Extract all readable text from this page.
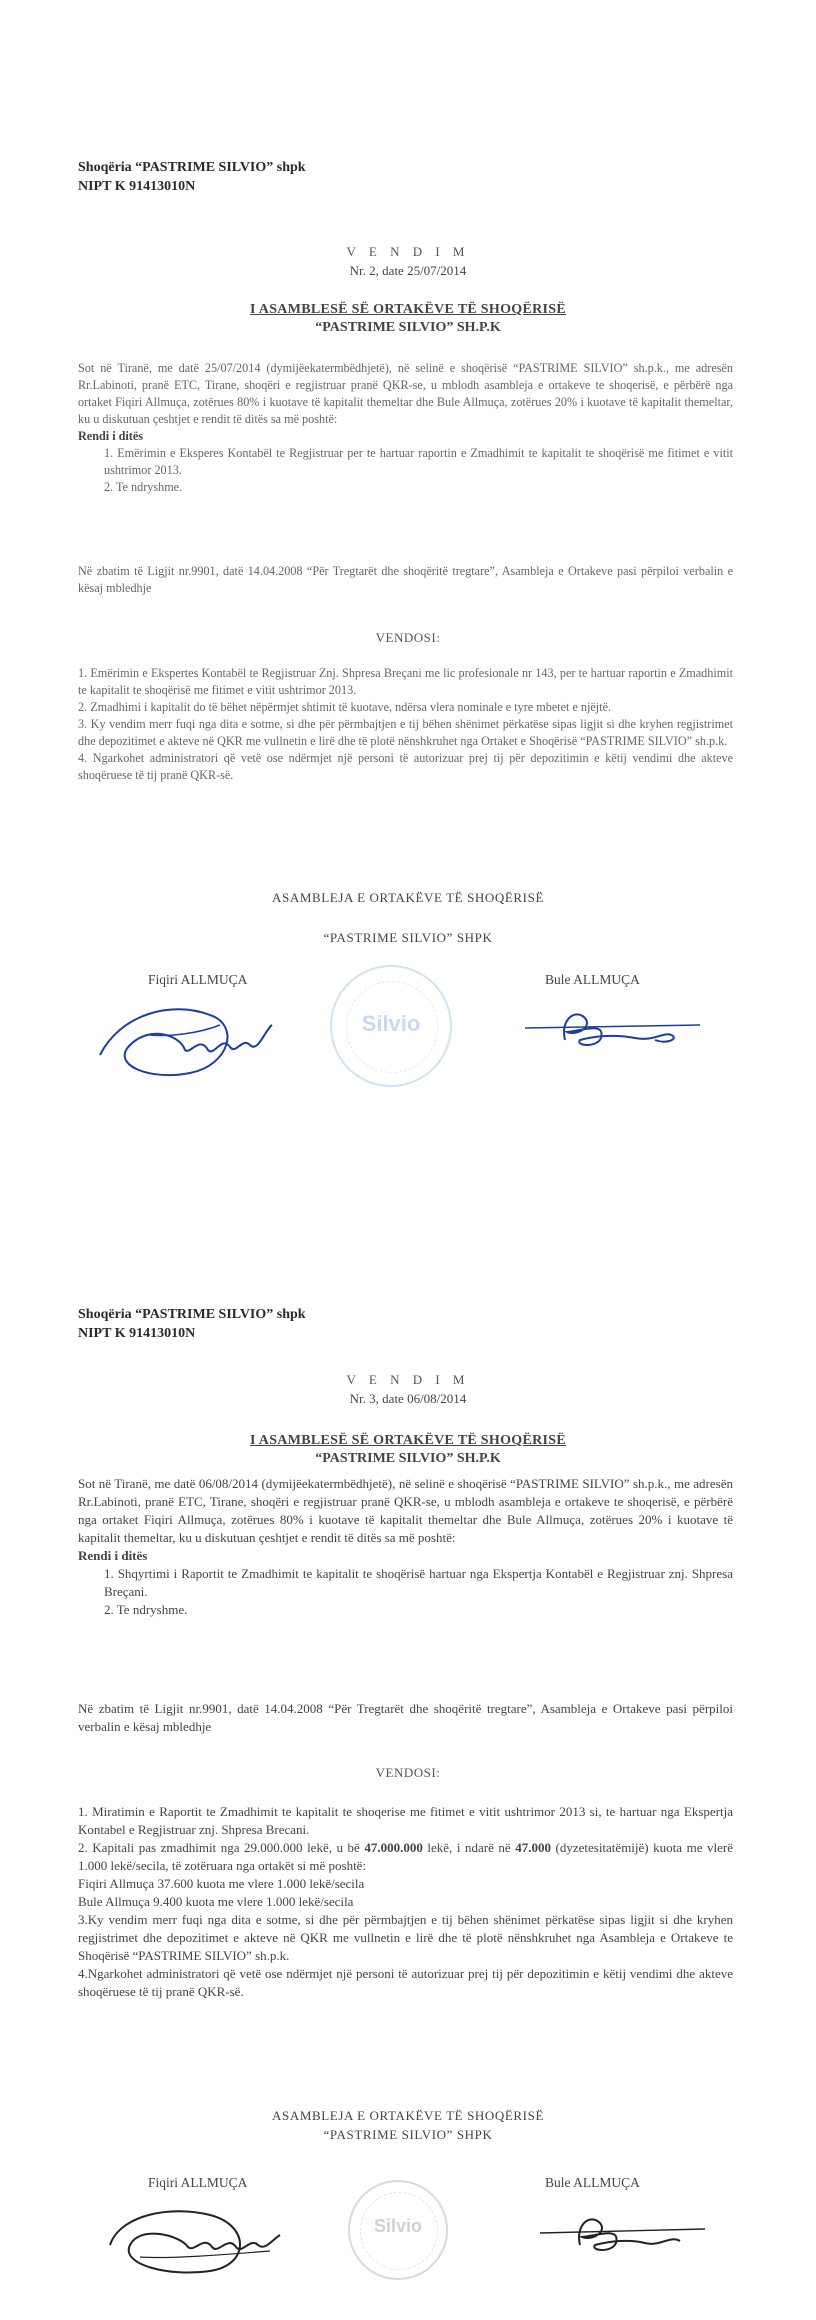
Shoqëria “PASTRIME SILVIO” shpk
NIPT K 91413010N
V E N D I M
Nr. 2, date 25/07/2014
I ASAMBLESË SË ORTAKËVE TË SHOQËRISË
“PASTRIME SILVIO” SH.P.K
Sot në Tiranë, me datë 25/07/2014 (dymijëekatermbëdhjetë), në selinë e shoqërisë “PASTRIME SILVIO” sh.p.k., me adresën Rr.Labinoti, pranë ETC, Tirane, shoqëri e regjistruar pranë QKR-se, u mblodh asambleja e ortakeve te shoqerisë, e përbërë nga ortaket Fiqiri Allmuça, zotërues 80% i kuotave të kapitalit themeltar dhe Bule Allmuça, zotërues 20% i kuotave të kapitalit themeltar, ku u diskutuan çeshtjet e rendit të ditës sa më poshtë:
Rendi i ditës
1. Emërimin e Eksperes Kontabël te Regjistruar per te hartuar raportin e Zmadhimit te kapitalit te shoqërisë me fitimet e vitit ushtrimor 2013.
2. Te ndryshme.
Në zbatim të Ligjit nr.9901, datë 14.04.2008 “Për Tregtarët dhe shoqëritë tregtare”, Asambleja e Ortakeve pasi përpiloi verbalin e kësaj mbledhje
VENDOSI:
1. Emërimin e Ekspertes Kontabël te Regjistruar Znj. Shpresa Breçani me lic profesionale nr 143, per te hartuar raportin e Zmadhimit te kapitalit te shoqërisë me fitimet e vitit ushtrimor 2013.
2. Zmadhimi i kapitalit do të bëhet nëpërmjet shtimit të kuotave, ndërsa vlera nominale e tyre mbetet e njëjtë.
3. Ky vendim merr fuqi nga dita e sotme, si dhe për përmbajtjen e tij bëhen shënimet përkatëse sipas ligjit si dhe kryhen regjistrimet dhe depozitimet e akteve në QKR me vullnetin e lirë dhe të plotë nënshkruhet nga Ortaket e Shoqërisë “PASTRIME SILVIO” sh.p.k.
4. Ngarkohet administratori që vetë ose ndërmjet një personi të autorizuar prej tij për depozitimin e këtij vendimi dhe akteve shoqëruese të tij pranë QKR-së.
ASAMBLEJA E ORTAKËVE TË SHOQËRISË
“PASTRIME SILVIO” SHPK
Fiqiri ALLMUÇA	Bule ALLMUÇA
Silvio
Shoqëria “PASTRIME SILVIO” shpk
NIPT K 91413010N
V E N D I M
Nr. 3, date 06/08/2014
I ASAMBLESË SË ORTAKËVE TË SHOQËRISË
“PASTRIME SILVIO” SH.P.K
Sot në Tiranë, me datë 06/08/2014 (dymijëekatermbëdhjetë), në selinë e shoqërisë “PASTRIME SILVIO” sh.p.k., me adresën Rr.Labinoti, pranë ETC, Tirane, shoqëri e regjistruar pranë QKR-se, u mblodh asambleja e ortakeve te shoqerisë, e përbërë nga ortaket Fiqiri Allmuça, zotërues 80% i kuotave të kapitalit themeltar dhe Bule Allmuça, zotërues 20% i kuotave të kapitalit themeltar, ku u diskutuan çeshtjet e rendit të ditës sa më poshtë:
Rendi i ditës
1. Shqyrtimi i Raportit te Zmadhimit te kapitalit te shoqërisë hartuar nga Ekspertja Kontabël e Regjistruar znj. Shpresa Breçani.
2. Te ndryshme.
Në zbatim të Ligjit nr.9901, datë 14.04.2008 “Për Tregtarët dhe shoqëritë tregtare”, Asambleja e Ortakeve pasi përpiloi verbalin e kësaj mbledhje
VENDOSI:
1. Miratimin e Raportit te Zmadhimit te kapitalit te shoqerise me fitimet e vitit ushtrimor 2013 si, te hartuar nga Ekspertja Kontabel e Regjistruar znj. Shpresa Brecani.
2. Kapitali pas zmadhimit nga 29.000.000 lekë, u bë 47.000.000 lekë, i ndarë në 47.000 (dyzetesitatëmijë) kuota me vlerë 1.000 lekë/secila, të zotëruara nga ortakët si më poshtë:
Fiqiri Allmuça 37.600 kuota me vlere 1.000 lekë/secila
Bule Allmuça 9.400 kuota me vlere 1.000 lekë/secila
3.Ky vendim merr fuqi nga dita e sotme, si dhe për përmbajtjen e tij bëhen shënimet përkatëse sipas ligjit si dhe kryhen regjistrimet dhe depozitimet e akteve në QKR me vullnetin e lirë dhe të plotë nënshkruhet nga Asambleja e Ortakeve te Shoqërisë “PASTRIME SILVIO” sh.p.k.
4.Ngarkohet administratori që vetë ose ndërmjet një personi të autorizuar prej tij për depozitimin e këtij vendimi dhe akteve shoqëruese të tij pranë QKR-së.
ASAMBLEJA E ORTAKËVE TË SHOQËRISË
“PASTRIME SILVIO” SHPK
Fiqiri ALLMUÇA	Bule ALLMUÇA
Silvio
